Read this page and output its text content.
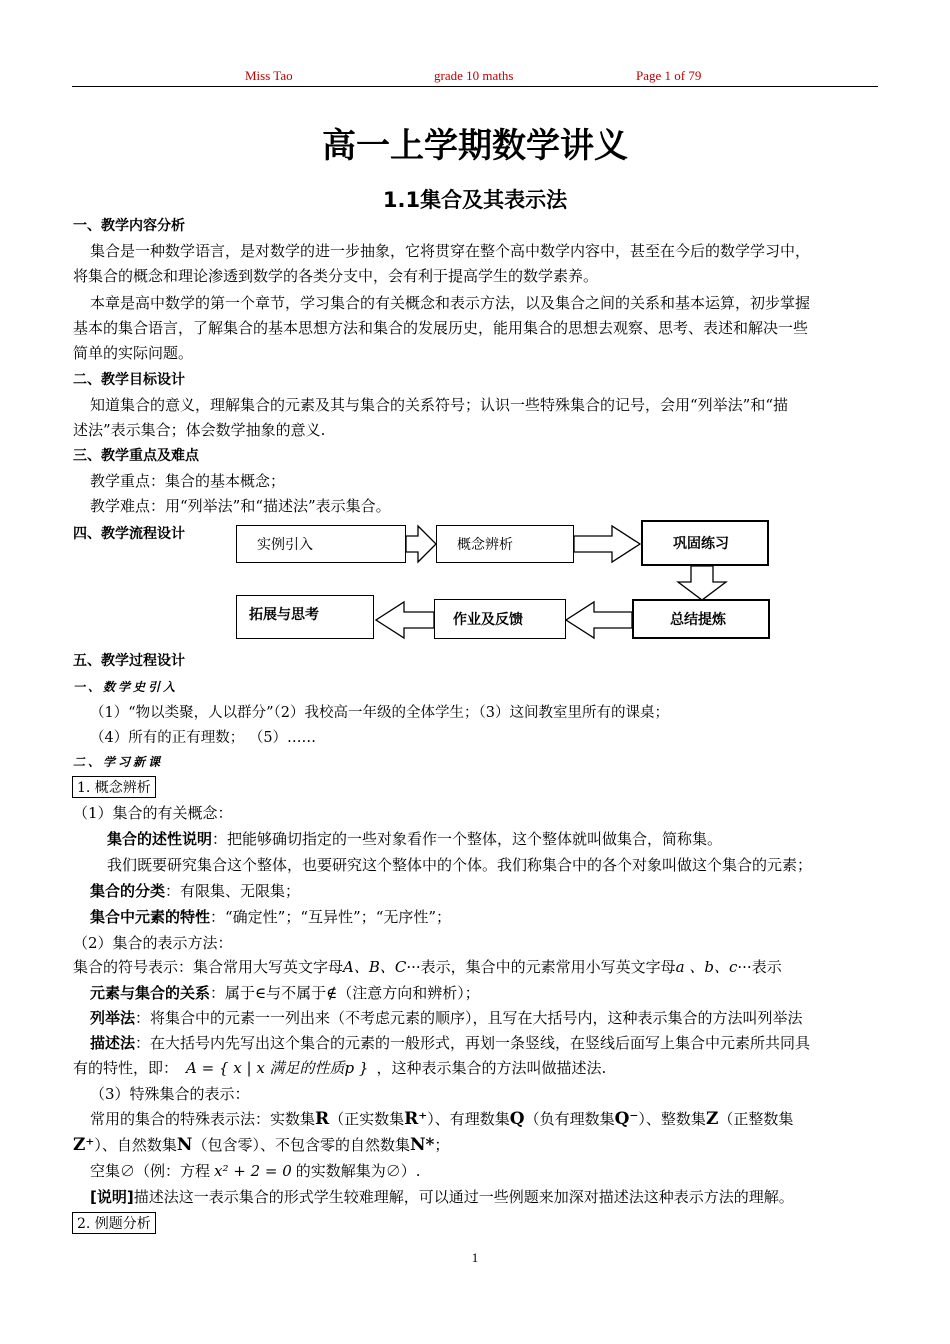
Miss Tao	grade 10 maths	Page 1 of 79
高一上学期数学讲义
1.1集合及其表示法
一、教学内容分析
集合是一种数学语言，是对数学的进一步抽象，它将贯穿在整个高中数学内容中，甚至在今后的数学学习中，
将集合的概念和理论渗透到数学的各类分支中，会有利于提高学生的数学素养。
本章是高中数学的第一个章节，学习集合的有关概念和表示方法，以及集合之间的关系和基本运算，初步掌握
基本的集合语言，了解集合的基本思想方法和集合的发展历史，能用集合的思想去观察、思考、表述和解决一些
简单的实际问题。
二、教学目标设计
知道集合的意义，理解集合的元素及其与集合的关系符号；认识一些特殊集合的记号，会用“列举法”和“描
述法”表示集合；体会数学抽象的意义.
三、教学重点及难点
教学重点：集合的基本概念；
教学难点：用“列举法”和“描述法”表示集合。
四、教学流程设计
实例引入	概念辨析	巩固练习
总结提炼
作业及反馈
拓展与思考
五、教学过程设计
一、数学史引入
（1）“物以类聚，人以群分”（2）我校高一年级的全体学生；（3）这间教室里所有的课桌；
（4）所有的正有理数； （5）……
二、学习新课
1. 概念辨析
（1）集合的有关概念：
集合的述性说明：把能够确切指定的一些对象看作一个整体，这个整体就叫做集合，简称集。
我们既要研究集合这个整体，也要研究这个整体中的个体。我们称集合中的各个对象叫做这个集合的元素；
集合的分类：有限集、无限集；
集合中元素的特性：“确定性”；“互异性”；“无序性”；
（2）集合的表示方法：
集合的符号表示：集合常用大写英文字母A、B、C···表示，集合中的元素常用小写英文字母a 、b、c···表示
元素与集合的关系：属于∈与不属于∉（注意方向和辨析）；
列举法：将集合中的元素一一列出来（不考虑元素的顺序），且写在大括号内，这种表示集合的方法叫列举法
描述法：在大括号内先写出这个集合的元素的一般形式，再划一条竖线，在竖线后面写上集合中元素所共同具
有的特性，即： A = { x | x 满足的性质p } ，这种表示集合的方法叫做描述法.
（3）特殊集合的表示：
常用的集合的特殊表示法：实数集R（正实数集R⁺）、有理数集Q（负有理数集Q⁻）、整数集Z（正整数集
Z⁺）、自然数集N（包含零）、不包含零的自然数集N*；
空集∅（例：方程 x² + 2 = 0 的实数解集为∅）.
[说明]描述法这一表示集合的形式学生较难理解，可以通过一些例题来加深对描述法这种表示方法的理解。
2. 例题分析
1
